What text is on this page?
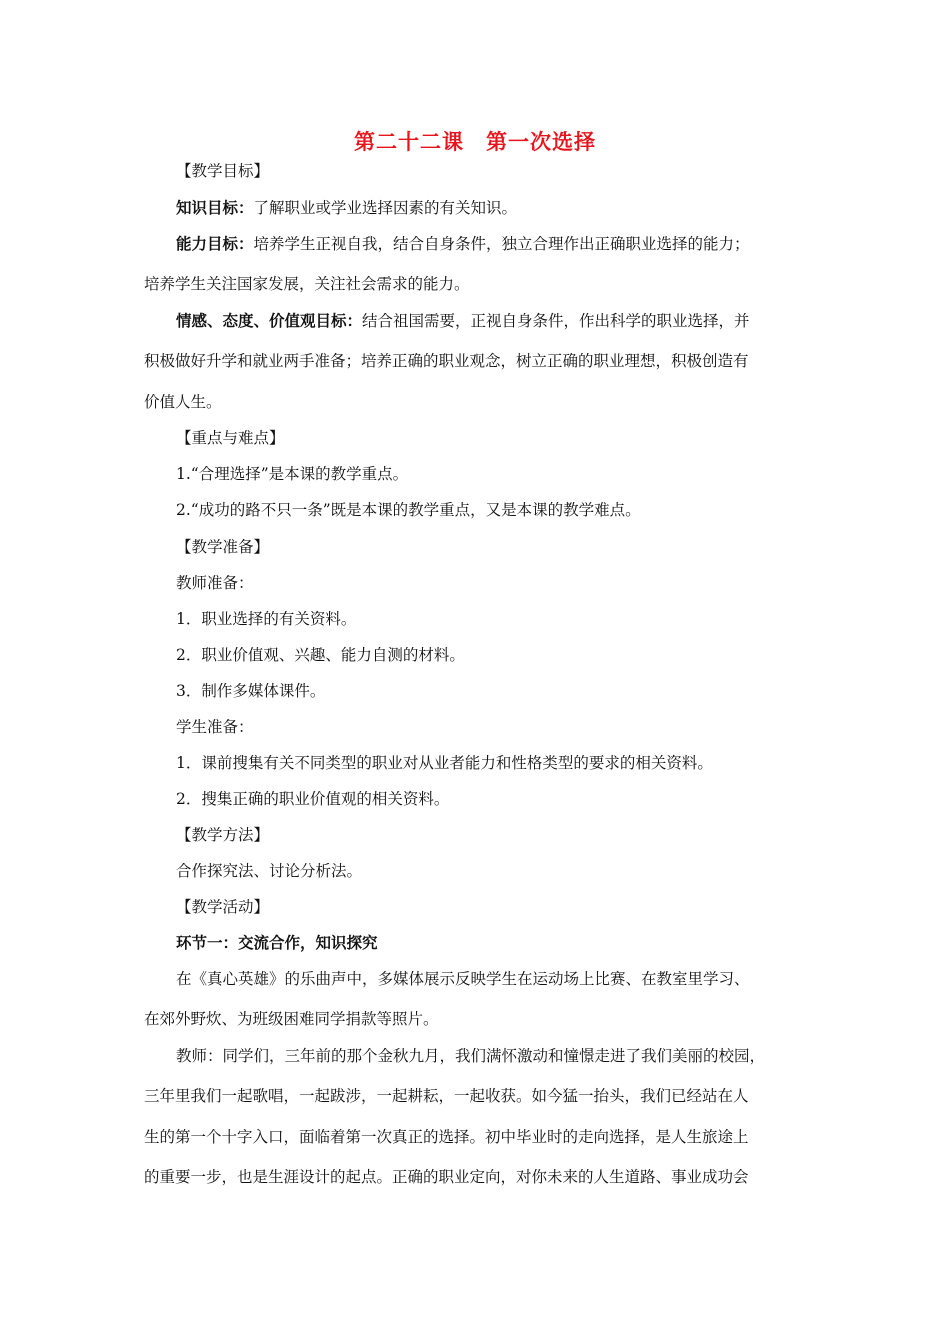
第二十二课　第一次选择
【教学目标】
知识目标：了解职业或学业选择因素的有关知识。
能力目标：培养学生正视自我，结合自身条件，独立合理作出正确职业选择的能力；
培养学生关注国家发展，关注社会需求的能力。
情感、态度、价值观目标：结合祖国需要，正视自身条件，作出科学的职业选择，并
积极做好升学和就业两手准备；培养正确的职业观念，树立正确的职业理想，积极创造有
价值人生。
【重点与难点】
1.“合理选择”是本课的教学重点。
2.“成功的路不只一条”既是本课的教学重点，又是本课的教学难点。
【教学准备】
教师准备：
1．职业选择的有关资料。
2．职业价值观、兴趣、能力自测的材料。
3．制作多媒体课件。
学生准备：
1．课前搜集有关不同类型的职业对从业者能力和性格类型的要求的相关资料。
2．搜集正确的职业价值观的相关资料。
【教学方法】
合作探究法、讨论分析法。
【教学活动】
环节一：交流合作，知识探究
在《真心英雄》的乐曲声中，多媒体展示反映学生在运动场上比赛、在教室里学习、
在郊外野炊、为班级困难同学捐款等照片。
教师：同学们，三年前的那个金秋九月，我们满怀激动和憧憬走进了我们美丽的校园，
三年里我们一起歌唱，一起跋涉，一起耕耘，一起收获。如今猛一抬头，我们已经站在人
生的第一个十字入口，面临着第一次真正的选择。初中毕业时的走向选择，是人生旅途上
的重要一步，也是生涯设计的起点。正确的职业定向，对你未来的人生道路、事业成功会
